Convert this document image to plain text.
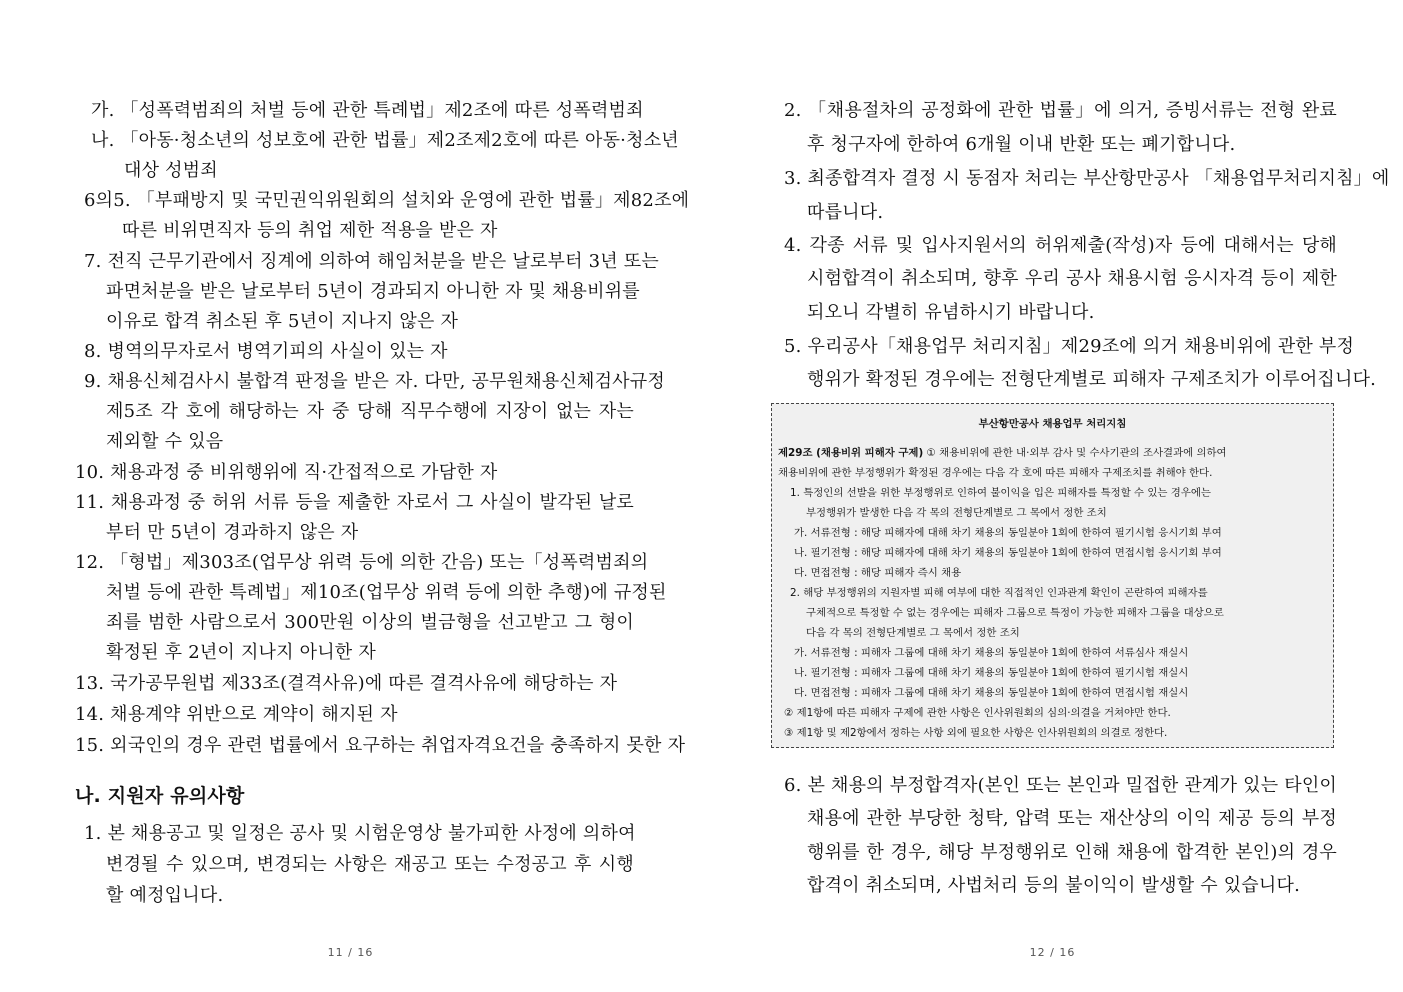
가. 「성폭력범죄의 처벌 등에 관한 특례법」제2조에 따른 성폭력범죄
나. 「아동·청소년의 성보호에 관한 법률」제2조제2호에 따른 아동·청소년
대상 성범죄
6의5. 「부패방지 및 국민권익위원회의 설치와 운영에 관한 법률」제82조에
따른 비위면직자 등의 취업 제한 적용을 받은 자
7. 전직 근무기관에서 징계에 의하여 해임처분을 받은 날로부터 3년 또는
파면처분을 받은 날로부터 5년이 경과되지 아니한 자 및 채용비위를
이유로 합격 취소된 후 5년이 지나지 않은 자
8. 병역의무자로서 병역기피의 사실이 있는 자
9. 채용신체검사시 불합격 판정을 받은 자. 다만, 공무원채용신체검사규정
제5조 각 호에 해당하는 자 중 당해 직무수행에 지장이 없는 자는
제외할 수 있음
10. 채용과정 중 비위행위에 직·간접적으로 가담한 자
11. 채용과정 중 허위 서류 등을 제출한 자로서 그 사실이 발각된 날로
부터 만 5년이 경과하지 않은 자
12. 「형법」제303조(업무상 위력 등에 의한 간음) 또는「성폭력범죄의
처벌 등에 관한 특례법」제10조(업무상 위력 등에 의한 추행)에 규정된
죄를 범한 사람으로서 300만원 이상의 벌금형을 선고받고 그 형이
확정된 후 2년이 지나지 아니한 자
13. 국가공무원법 제33조(결격사유)에 따른 결격사유에 해당하는 자
14. 채용계약 위반으로 계약이 해지된 자
15. 외국인의 경우 관련 법률에서 요구하는 취업자격요건을 충족하지 못한 자
나. 지원자 유의사항
1. 본 채용공고 및 일정은 공사 및 시험운영상 불가피한 사정에 의하여
변경될 수 있으며, 변경되는 사항은 재공고 또는 수정공고 후 시행
할 예정입니다.
11 / 16
2. 「채용절차의 공정화에 관한 법률」에 의거, 증빙서류는 전형 완료
후 청구자에 한하여 6개월 이내 반환 또는 폐기합니다.
3. 최종합격자 결정 시 동점자 처리는 부산항만공사 「채용업무처리지침」에
따릅니다.
4. 각종 서류 및 입사지원서의 허위제출(작성)자 등에 대해서는 당해
시험합격이 취소되며, 향후 우리 공사 채용시험 응시자격 등이 제한
되오니 각별히 유념하시기 바랍니다.
5. 우리공사「채용업무 처리지침」제29조에 의거 채용비위에 관한 부정
행위가 확정된 경우에는 전형단계별로 피해자 구제조치가 이루어집니다.
부산항만공사 채용업무 처리지침
제29조 (채용비위 피해자 구제) ① 채용비위에 관한 내·외부 감사 및 수사기관의 조사결과에 의하여
채용비위에 관한 부정행위가 확정된 경우에는 다음 각 호에 따른 피해자 구제조치를 취해야 한다.
1. 특정인의 선발을 위한 부정행위로 인하여 불이익을 입은 피해자를 특정할 수 있는 경우에는
부정행위가 발생한 다음 각 목의 전형단계별로 그 목에서 정한 조치
가. 서류전형 : 해당 피해자에 대해 차기 채용의 동일분야 1회에 한하여 필기시험 응시기회 부여
나. 필기전형 : 해당 피해자에 대해 차기 채용의 동일분야 1회에 한하여 면접시험 응시기회 부여
다. 면접전형 : 해당 피해자 즉시 채용
2. 해당 부정행위의 지원자별 피해 여부에 대한 직접적인 인과관계 확인이 곤란하여 피해자를
구체적으로 특정할 수 없는 경우에는 피해자 그룹으로 특정이 가능한 피해자 그룹을 대상으로
다음 각 목의 전형단계별로 그 목에서 정한 조치
가. 서류전형 : 피해자 그룹에 대해 차기 채용의 동일분야 1회에 한하여 서류심사 재실시
나. 필기전형 : 피해자 그룹에 대해 차기 채용의 동일분야 1회에 한하여 필기시험 재실시
다. 면접전형 : 피해자 그룹에 대해 차기 채용의 동일분야 1회에 한하여 면접시험 재실시
② 제1항에 따른 피해자 구제에 관한 사항은 인사위원회의 심의·의결을 거쳐야만 한다.
③ 제1항 및 제2항에서 정하는 사항 외에 필요한 사항은 인사위원회의 의결로 정한다.
6. 본 채용의 부정합격자(본인 또는 본인과 밀접한 관계가 있는 타인이
채용에 관한 부당한 청탁, 압력 또는 재산상의 이익 제공 등의 부정
행위를 한 경우, 해당 부정행위로 인해 채용에 합격한 본인)의 경우
합격이 취소되며, 사법처리 등의 불이익이 발생할 수 있습니다.
12 / 16
